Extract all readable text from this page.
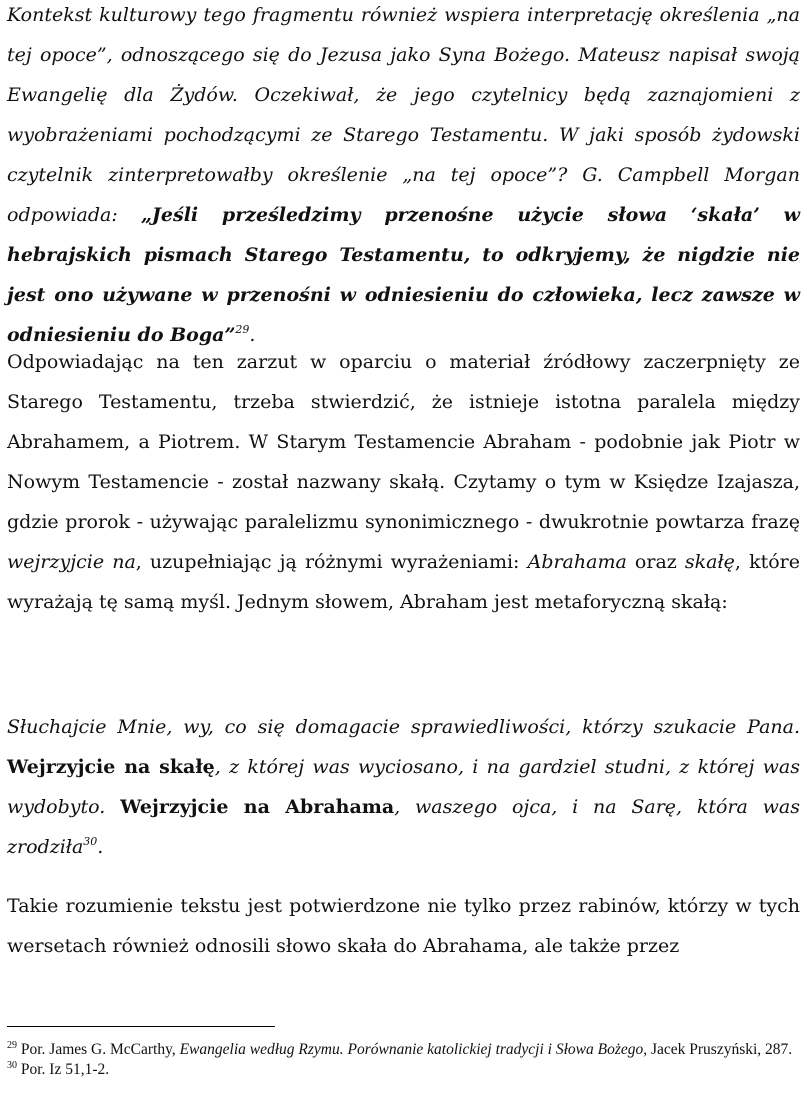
Kontekst kulturowy tego fragmentu również wspiera interpretację określenia „na tej opoce”, odnoszącego się do Jezusa jako Syna Bożego. Mateusz napisał swoją Ewangelię dla Żydów. Oczekiwał, że jego czytelnicy będą zaznajomieni z wyobrażeniami pochodzącymi ze Starego Testamentu. W jaki sposób żydowski czytelnik zinterpretowałby określenie „na tej opoce”? G. Campbell Morgan odpowiada: „Jeśli prześledzimy przenośne użycie słowa ‘skała’ w hebrajskich pismach Starego Testamentu, to odkryjemy, że nigdzie nie jest ono używane w przenośni w odniesieniu do człowieka, lecz zawsze w odniesieniu do Boga”$^{29}$.

Odpowiadając na ten zarzut w oparciu o materiał źródłowy zaczerpnięty ze Starego Testamentu, trzeba stwierdzić, że istnieje istotna paralela między Abrahamem, a Piotrem. W Starym Testamencie Abraham - podobnie jak Piotr w Nowym Testamencie - został nazwany skałą. Czytamy o tym w Księdze Izajasza, gdzie prorok - używając paralelizmu synonimicznego - dwukrotnie powtarza frazę wejrzyjcie na, uzupełniając ją różnymi wyrażeniami: Abrahama oraz skałę, które wyrażają tę samą myśl. Jednym słowem, Abraham jest metaforyczną skałą:

Słuchajcie Mnie, wy, co się domagacie sprawiedliwości, którzy szukacie Pana. Wejrzyjcie na skałę, z której was wyciosano, i na gardziel studni, z której was wydobyto. Wejrzyjcie na Abrahama, waszego ojca, i na Sarę, która was zrodziła$^{30}$.

Takie rozumienie tekstu jest potwierdzone nie tylko przez rabinów, którzy w tych wersetach również odnosili słowo skała do Abrahama, ale także przez

$^{29}$ Por. James G. McCarthy, Ewangelia według Rzymu. Porównanie katolickiej tradycji i Słowa Bożego, Jacek Pruszyński, 287.

$^{30}$ Por. Iz 51,1-2.
